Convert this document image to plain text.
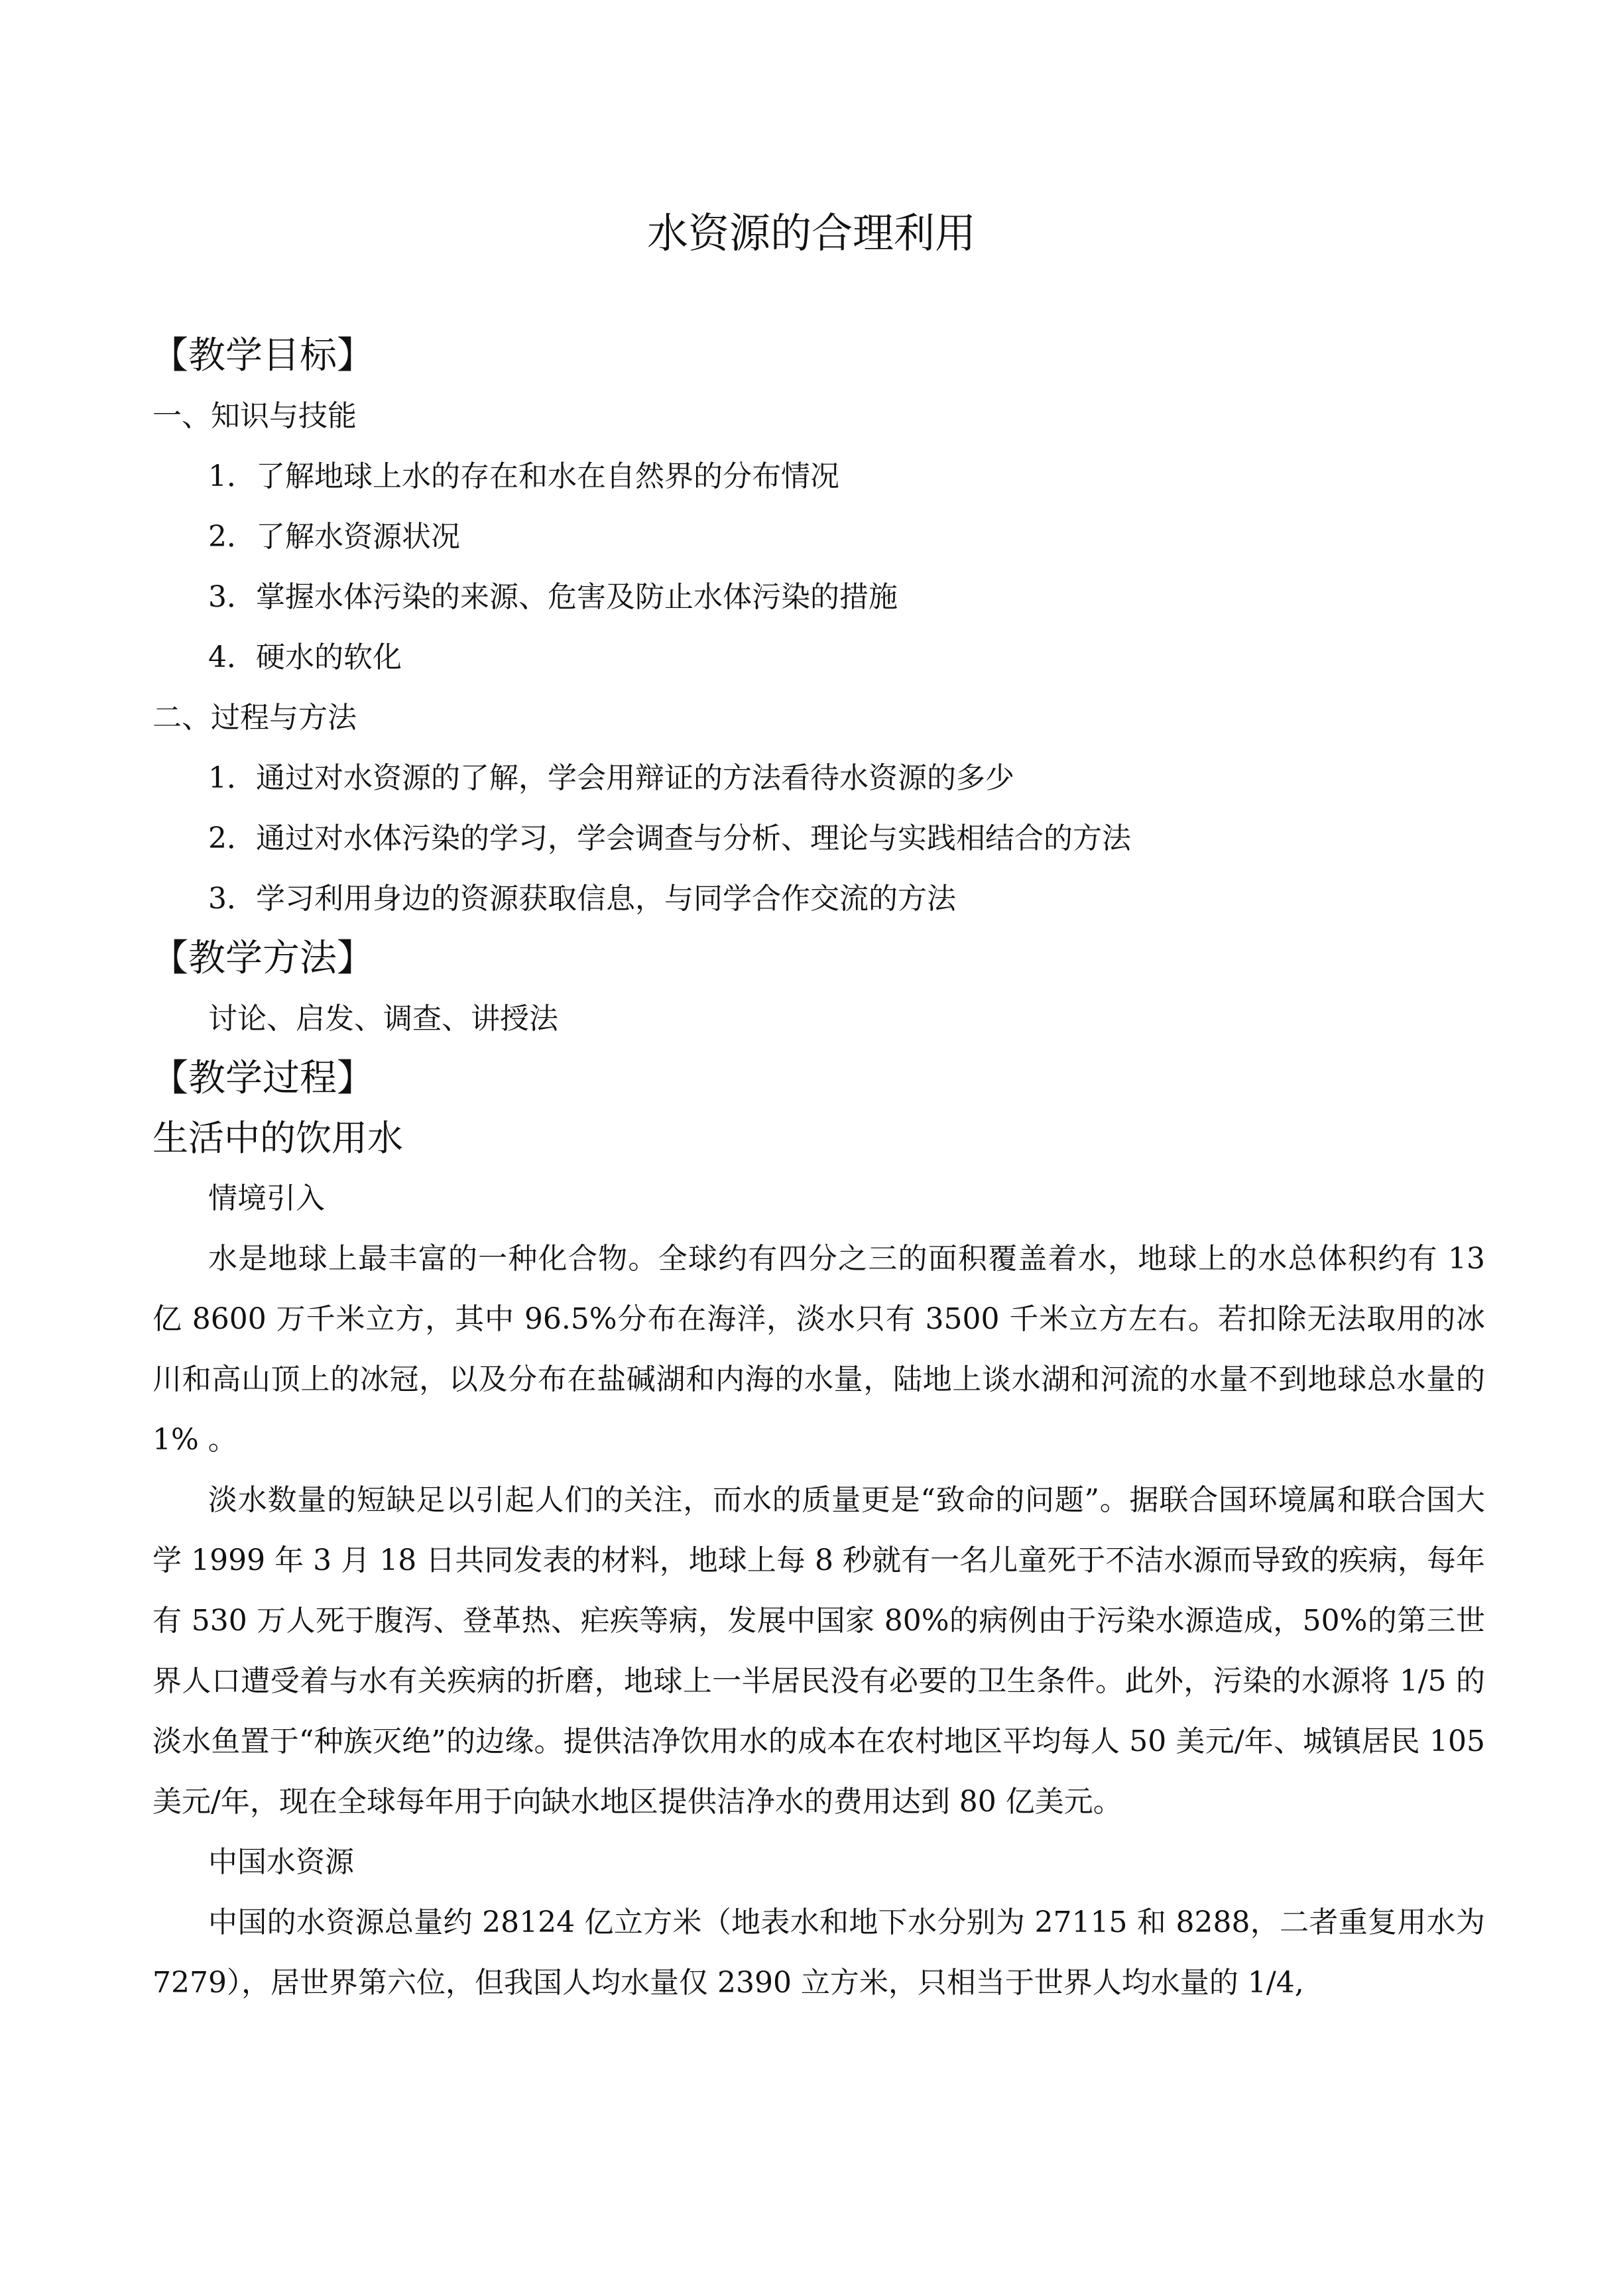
水资源的合理利用
【教学目标】
一、知识与技能
1．了解地球上水的存在和水在自然界的分布情况
2．了解水资源状况
3．掌握水体污染的来源、危害及防止水体污染的措施
4．硬水的软化
二、过程与方法
1．通过对水资源的了解，学会用辩证的方法看待水资源的多少
2．通过对水体污染的学习，学会调查与分析、理论与实践相结合的方法
3．学习利用身边的资源获取信息，与同学合作交流的方法
【教学方法】
讨论、启发、调查、讲授法
【教学过程】
生活中的饮用水
情境引入

水是地球上最丰富的一种化合物。全球约有四分之三的面积覆盖着水，地球上的水总体积约有 13 亿 8600 万千米立方，其中 96.5%分布在海洋，淡水只有 3500 千米立方左右。若扣除无法取用的冰川和高山顶上的冰冠，以及分布在盐碱湖和内海的水量，陆地上谈水湖和河流的水量不到地球总水量的 1% 。

淡水数量的短缺足以引起人们的关注，而水的质量更是“致命的问题”。据联合国环境属和联合国大学 1999 年 3 月 18 日共同发表的材料，地球上每 8 秒就有一名儿童死于不洁水源而导致的疾病，每年有 530 万人死于腹泻、登革热、疟疾等病，发展中国家 80%的病例由于污染水源造成，50%的第三世界人口遭受着与水有关疾病的折磨，地球上一半居民没有必要的卫生条件。此外，污染的水源将 1/5 的淡水鱼置于“种族灭绝”的边缘。提供洁净饮用水的成本在农村地区平均每人 50 美元/年、城镇居民 105 美元/年，现在全球每年用于向缺水地区提供洁净水的费用达到 80 亿美元。

中国水资源

中国的水资源总量约 28124 亿立方米（地表水和地下水分别为 27115 和 8288，二者重复用水为 7279），居世界第六位，但我国人均水量仅 2390 立方米，只相当于世界人均水量的 1/4,
